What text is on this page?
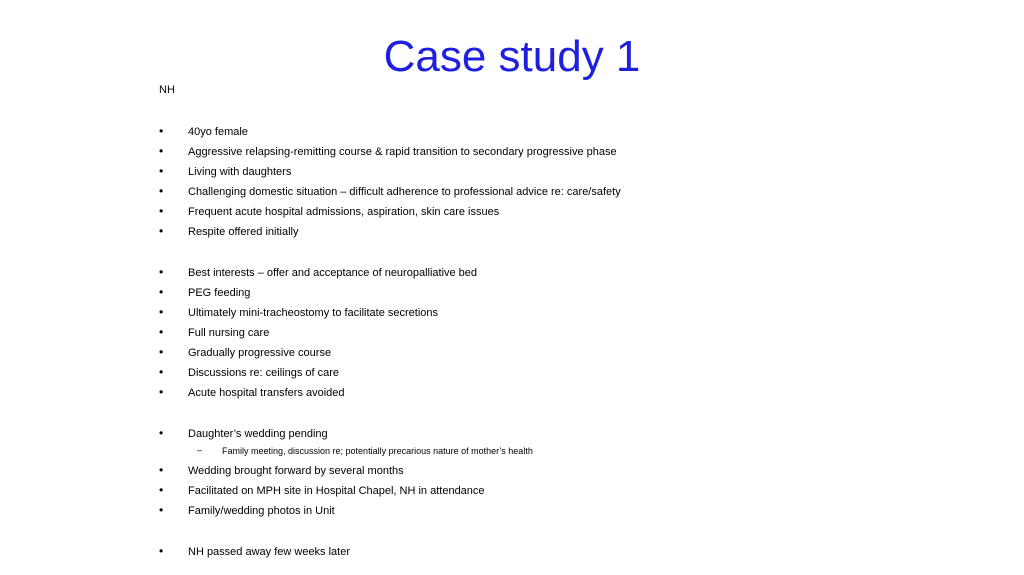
Case study 1
NH
• 40yo female
• Aggressive relapsing-remitting course & rapid transition to secondary progressive phase
• Living with daughters
• Challenging domestic situation – difficult adherence to professional advice re: care/safety
• Frequent acute hospital admissions, aspiration, skin care issues
• Respite offered initially
• Best interests – offer and acceptance of neuropalliative bed
• PEG feeding
• Ultimately mini-tracheostomy to facilitate secretions
• Full nursing care
• Gradually progressive course
• Discussions re: ceilings of care
• Acute hospital transfers avoided
• Daughter’s wedding pending
– Family meeting, discussion re; potentially precarious nature of mother’s health
• Wedding brought forward by several months
• Facilitated on MPH site in Hospital Chapel, NH in attendance
• Family/wedding photos in Unit
• NH passed away few weeks later
